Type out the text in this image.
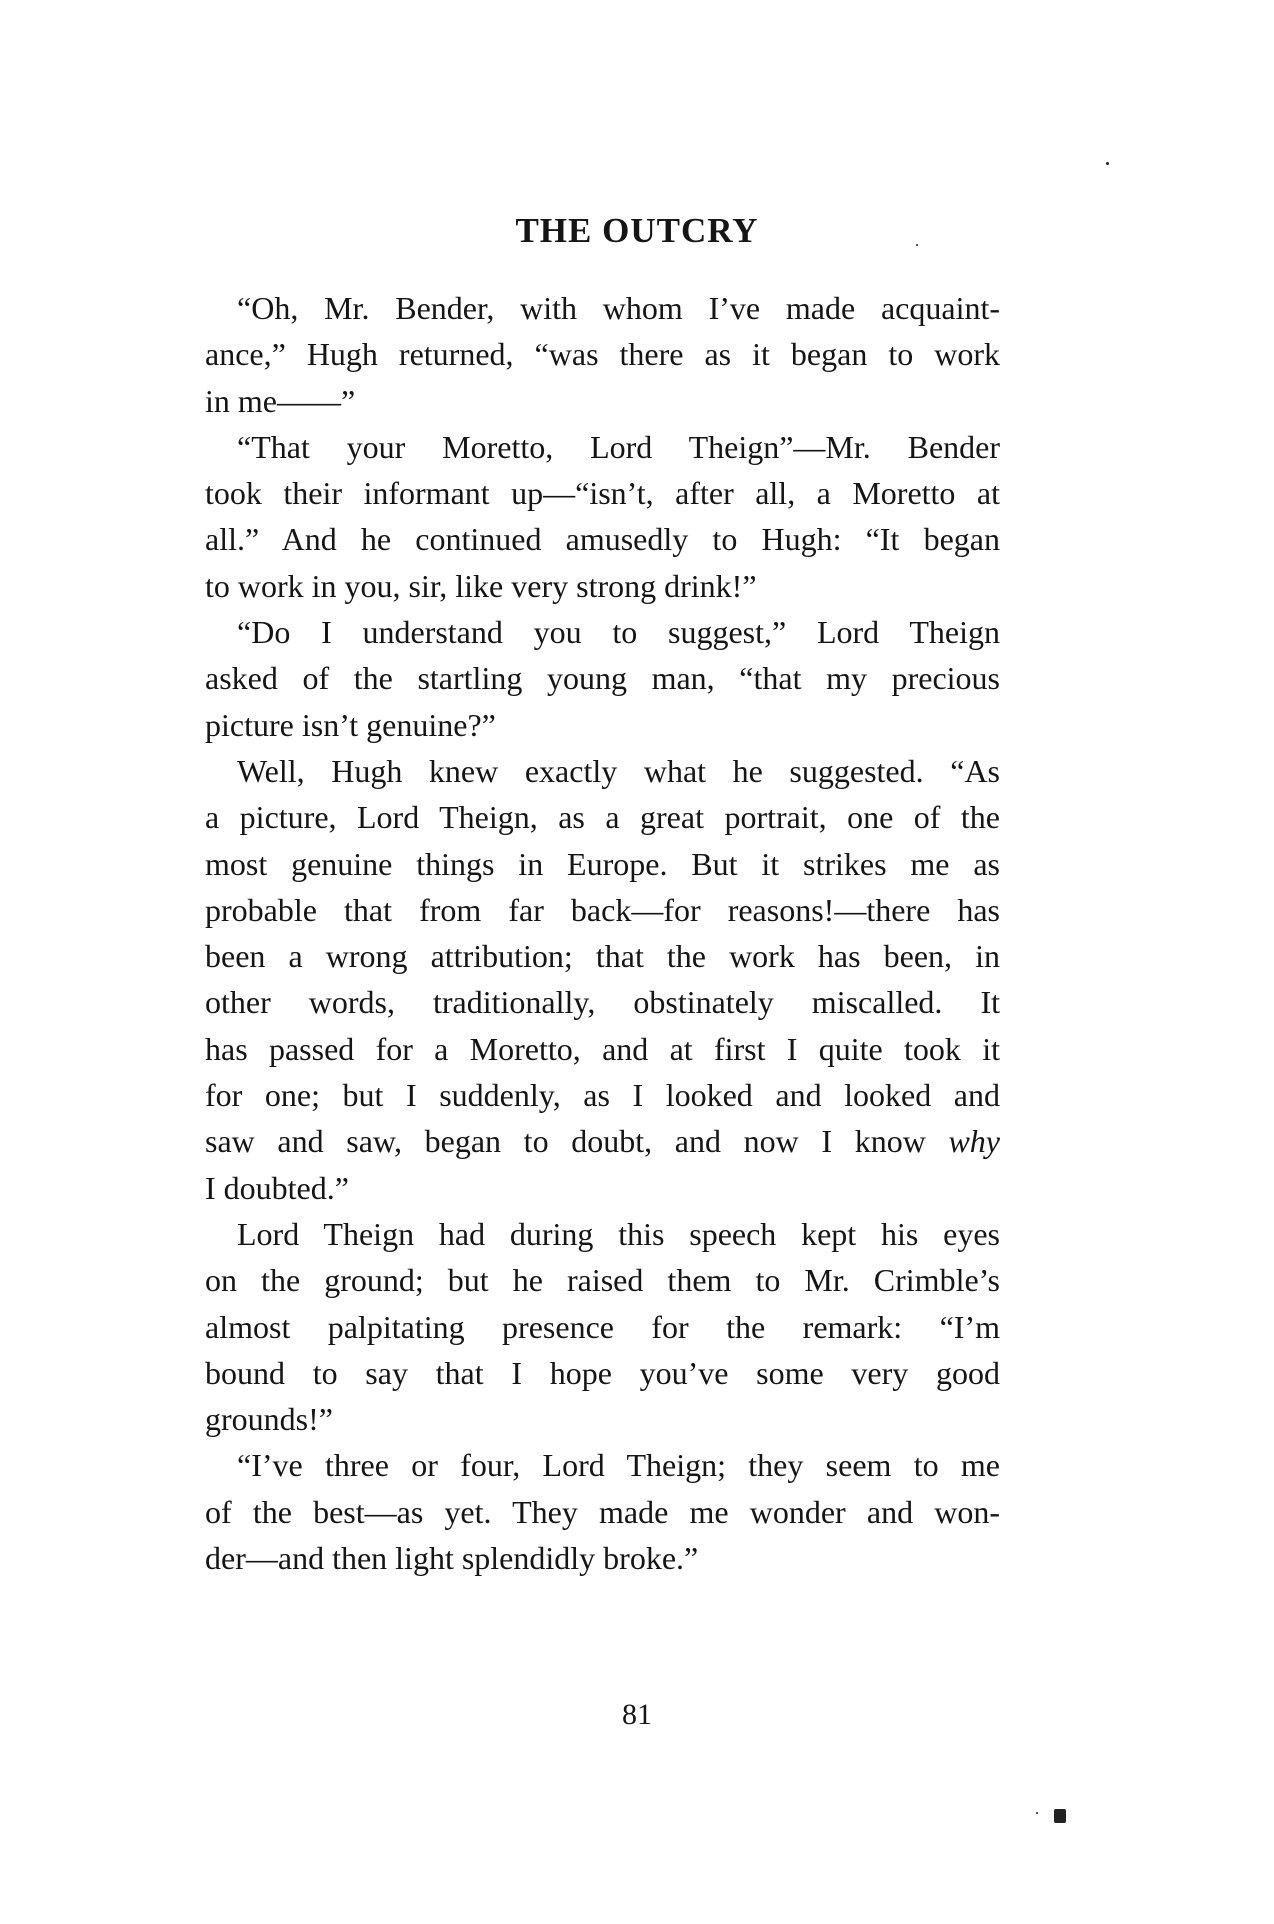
THE OUTCRY
“Oh, Mr. Bender, with whom I’ve made acquaint-
ance,” Hugh returned, “was there as it began to work
in me——”
“That your Moretto, Lord Theign”—Mr. Bender
took their informant up—“isn’t, after all, a Moretto at
all.” And he continued amusedly to Hugh: “It began
to work in you, sir, like very strong drink!”
“Do I understand you to suggest,” Lord Theign
asked of the startling young man, “that my precious
picture isn’t genuine?”
Well, Hugh knew exactly what he suggested. “As
a picture, Lord Theign, as a great portrait, one of the
most genuine things in Europe. But it strikes me as
probable that from far back—for reasons!—there has
been a wrong attribution; that the work has been, in
other words, traditionally, obstinately miscalled. It
has passed for a Moretto, and at first I quite took it
for one; but I suddenly, as I looked and looked and
saw and saw, began to doubt, and now I know why
I doubted.”
Lord Theign had during this speech kept his eyes
on the ground; but he raised them to Mr. Crimble’s
almost palpitating presence for the remark: “I’m
bound to say that I hope you’ve some very good
grounds!”
“I’ve three or four, Lord Theign; they seem to me
of the best—as yet. They made me wonder and won-
der—and then light splendidly broke.”
81
